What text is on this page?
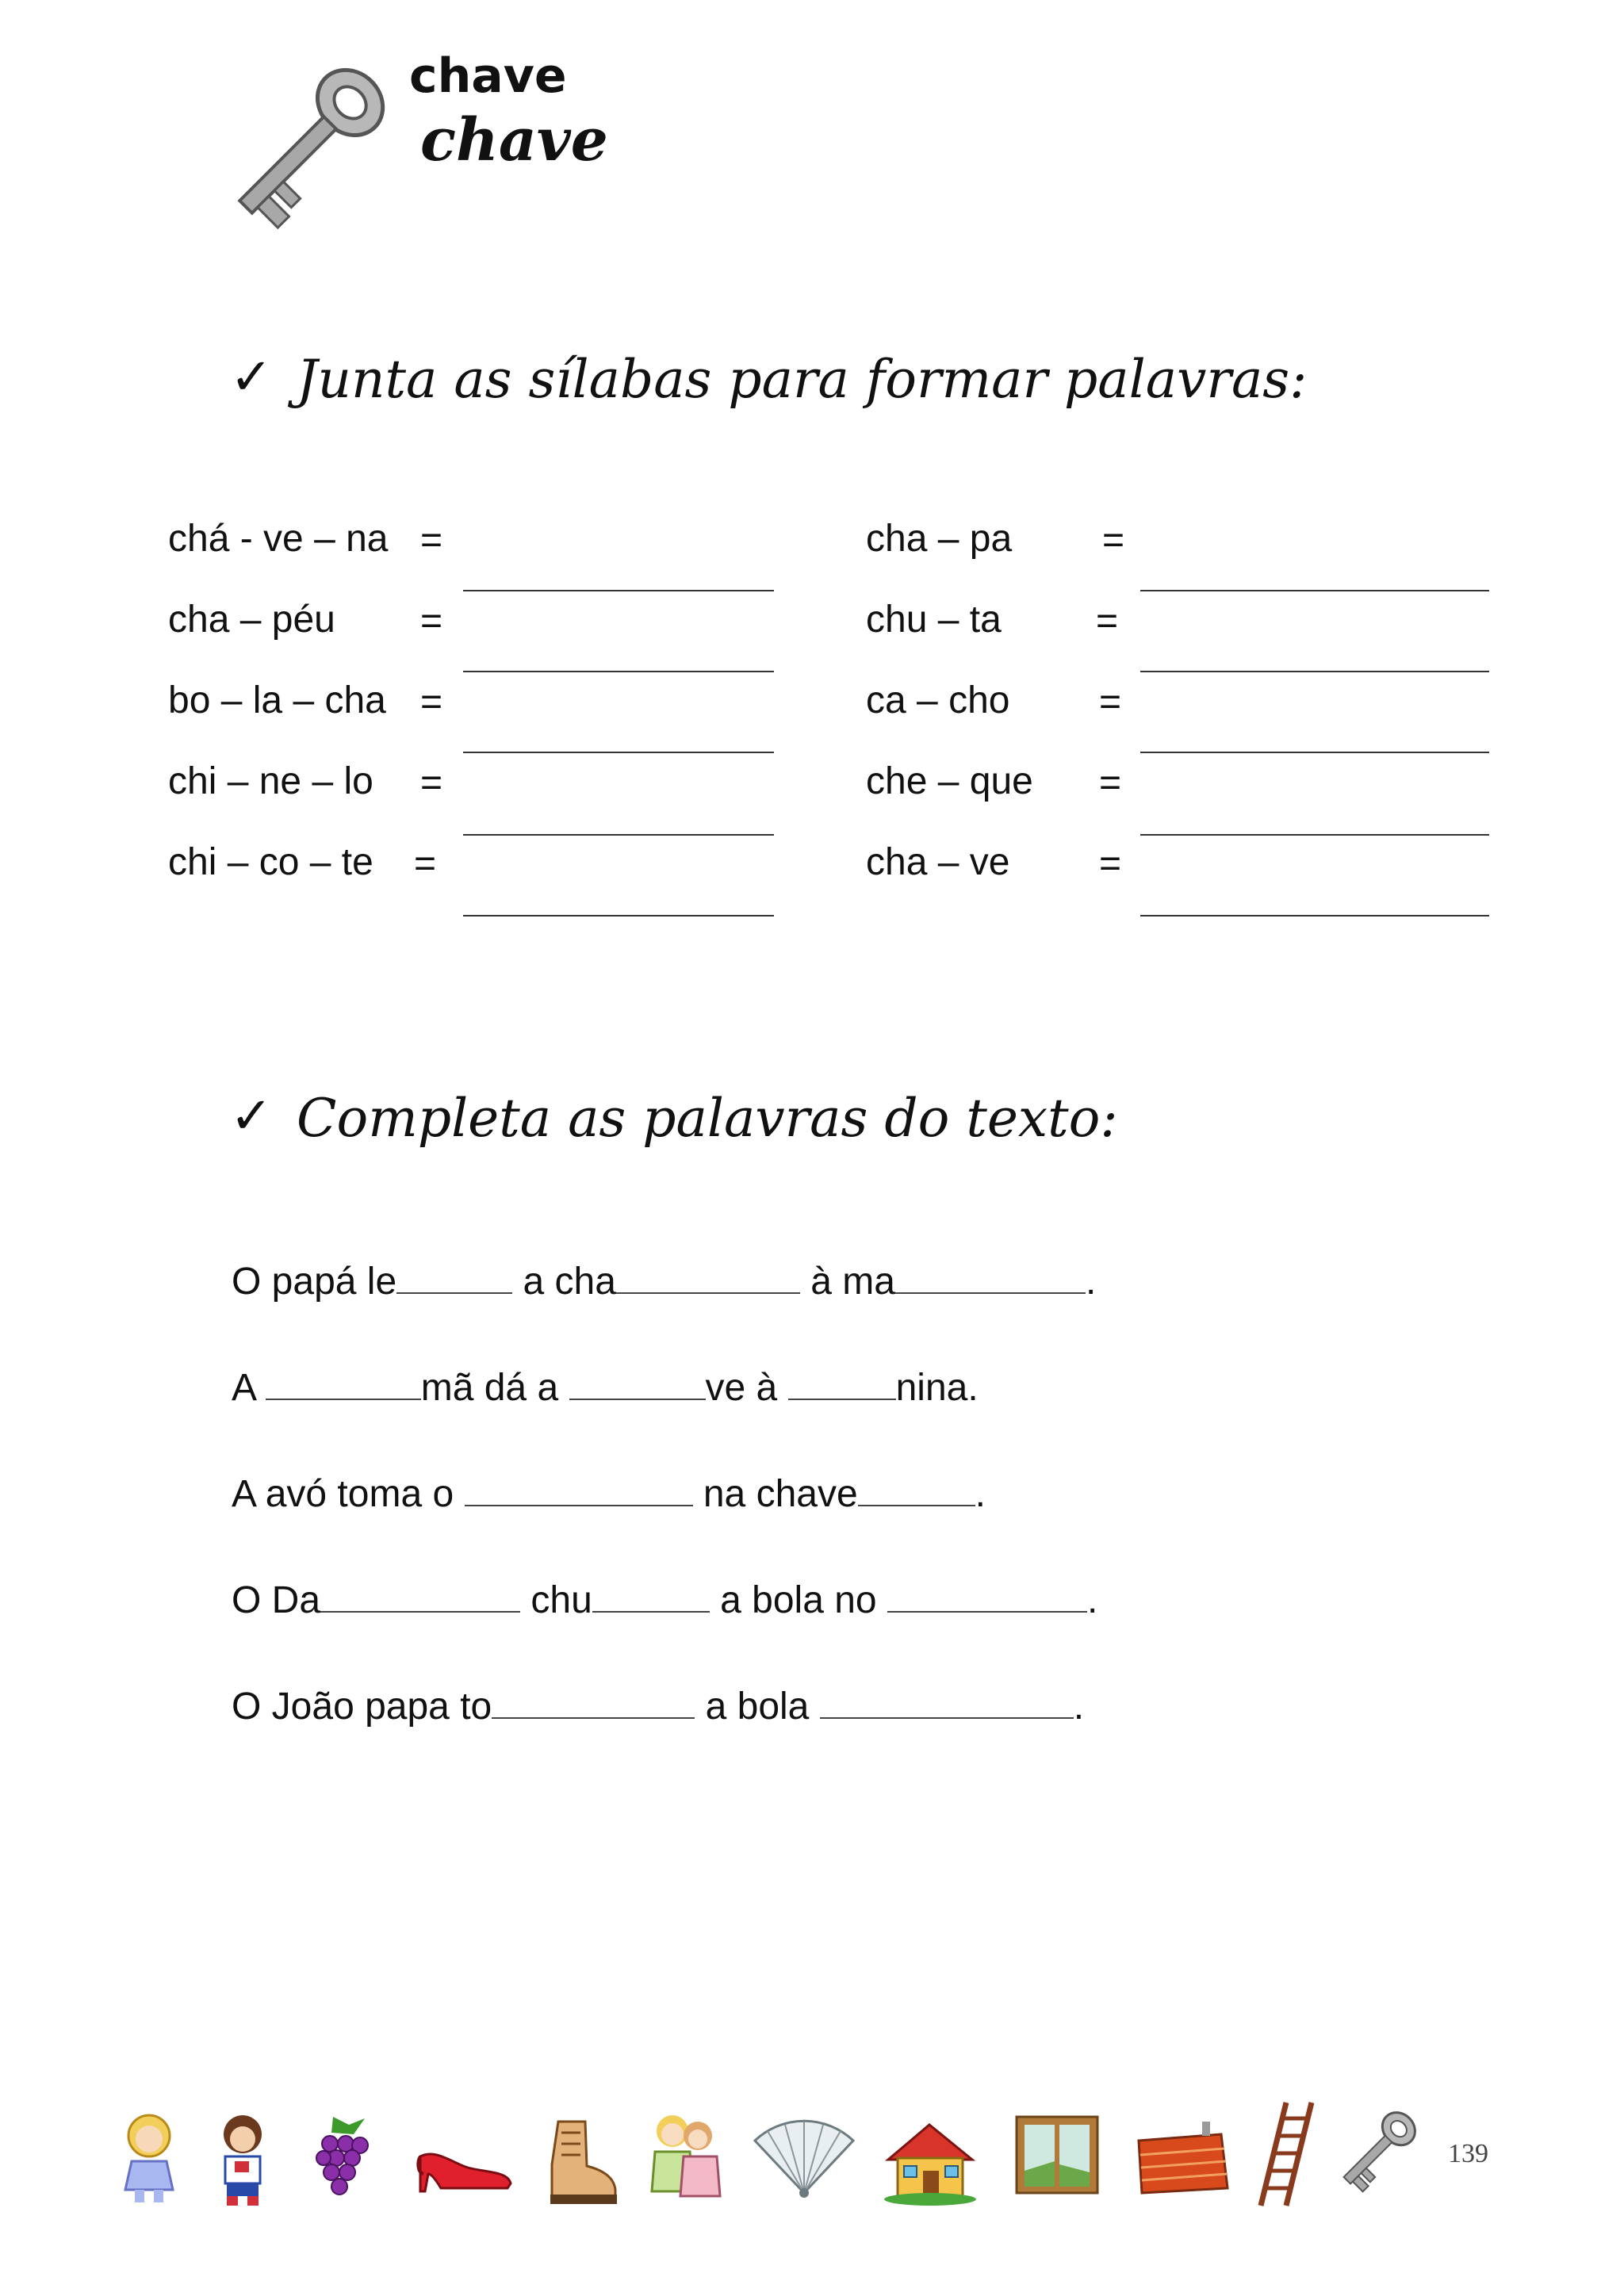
chave
chave
✓ Junta as sílabas para formar palavras:
chá - ve – na =
cha – péu =
bo – la – cha =
chi – ne – lo =
chi – co – te =
cha – pa =
chu – ta =
ca – cho =
che – que =
cha – ve =
✓ Completa as palavras do texto:
O papá le	a cha	à ma	.
A	mã dá a	ve à	nina.
A avó toma o	na chave	.
O Da	chu	a bola no	.
O João papa to	a bola	.
139
